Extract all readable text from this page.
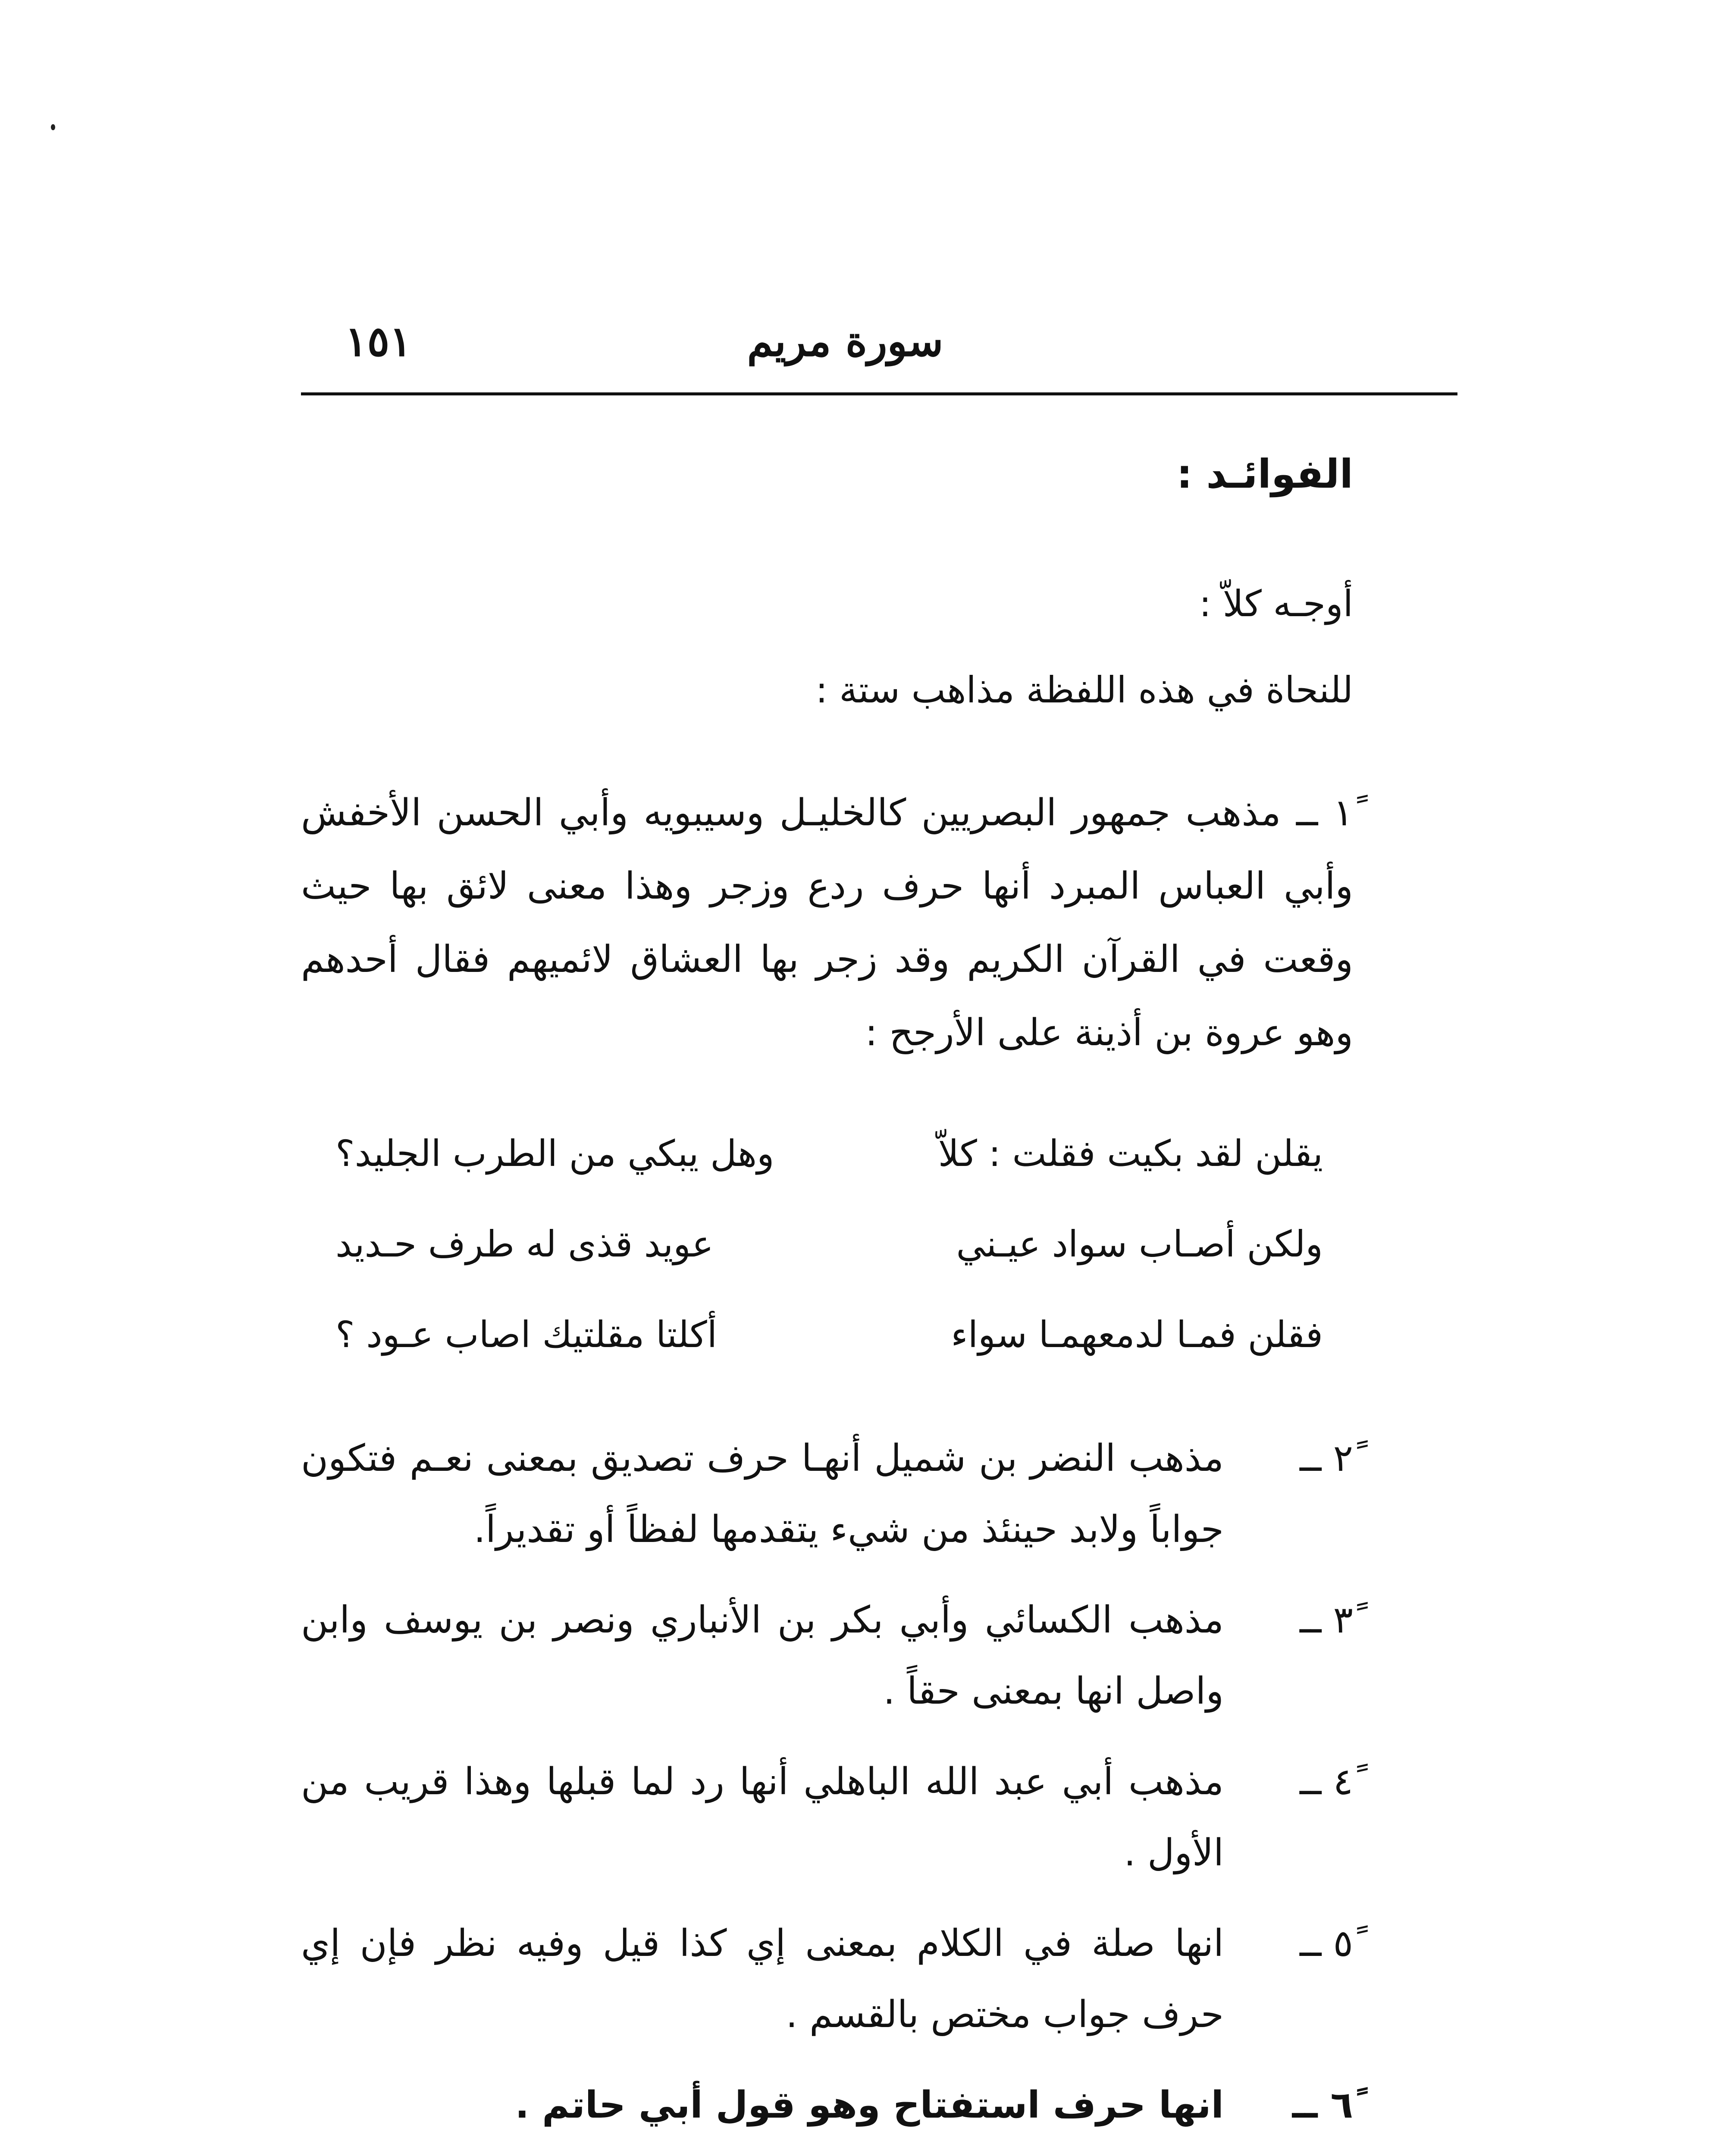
سورة مريم
١٥١
الفوائـد :
أوجـه كلاّ :
للنحاة في هذه اللفظة مذاهب ستة :
١ً ــ مذهب جمهور البصريين كالخليـل وسيبويه وأبي الحسن الأخفش وأبي العباس المبرد أنها حرف ردع وزجر وهذا معنى لائق بها حيث وقعت في القرآن الكريم وقد زجر بها العشاق لائميهم فقال أحدهم وهو عروة بن أذينة على الأرجح :
يقلن لقد بكيت فقلت : كلاّ
وهل يبكي من الطرب الجليد؟
ولكن أصـاب سواد عيـني
عويد قذى له طرف حـديد
فقلن فمـا لدمعهمـا سواء
أكلتا مقلتيك اصاب عـود ؟
٢ً ــ
مذهب النضر بن شميل أنهـا حرف تصديق بمعنى نعـم فتكون جواباً ولابد حينئذ من شيء يتقدمها لفظاً أو تقديراً.
٣ً ــ
مذهب الكسائي وأبي بكر بن الأنباري ونصر بن يوسف وابن واصل انها بمعنى حقاً .
٤ً ــ
مذهب أبي عبد الله الباهلي أنها رد لما قبلها وهذا قريب من الأول .
٥ً ــ
انها صلة في الكلام بمعنى إي كذا قيل وفيه نظر فإن إي حرف جواب مختص بالقسم .
٦ً ــ
انها حرف استفتاح وهو قول أبي حاتم .
